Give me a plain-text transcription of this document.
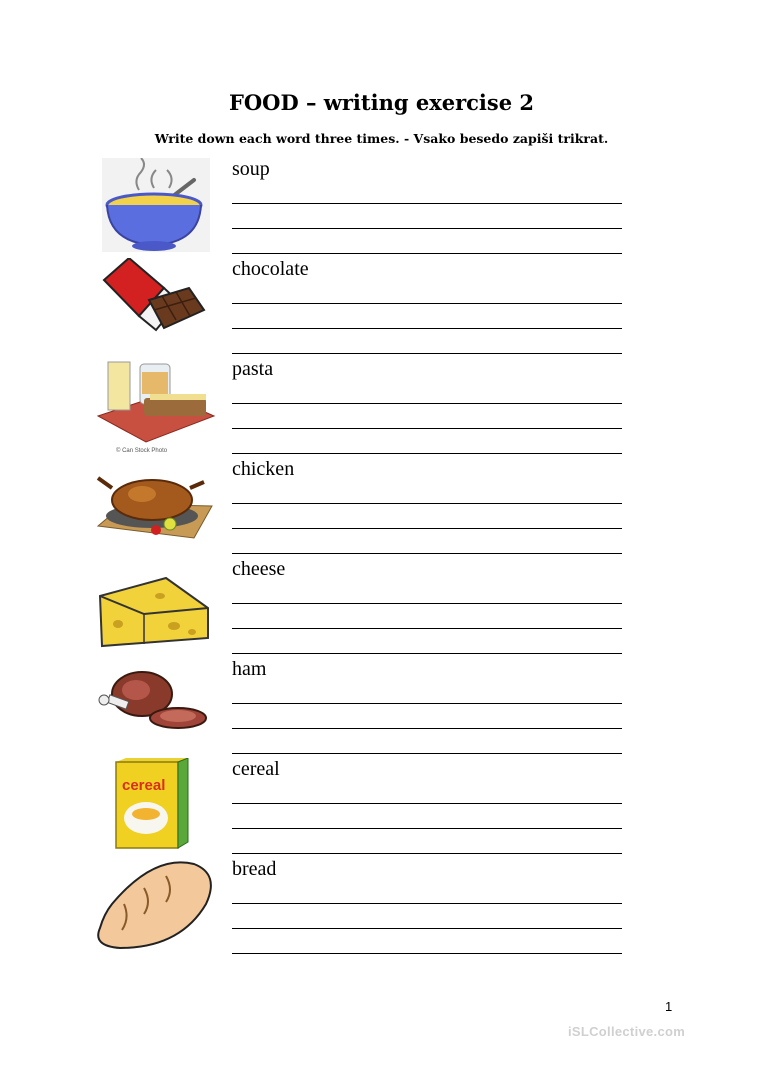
FOOD – writing exercise 2
Write down each word three times. - Vsako besedo zapiši trikrat.
soup
chocolate
© Can Stock Photo
pasta
chicken
cheese
ham
cereal
cereal
bread
1
iSLCollective.com
